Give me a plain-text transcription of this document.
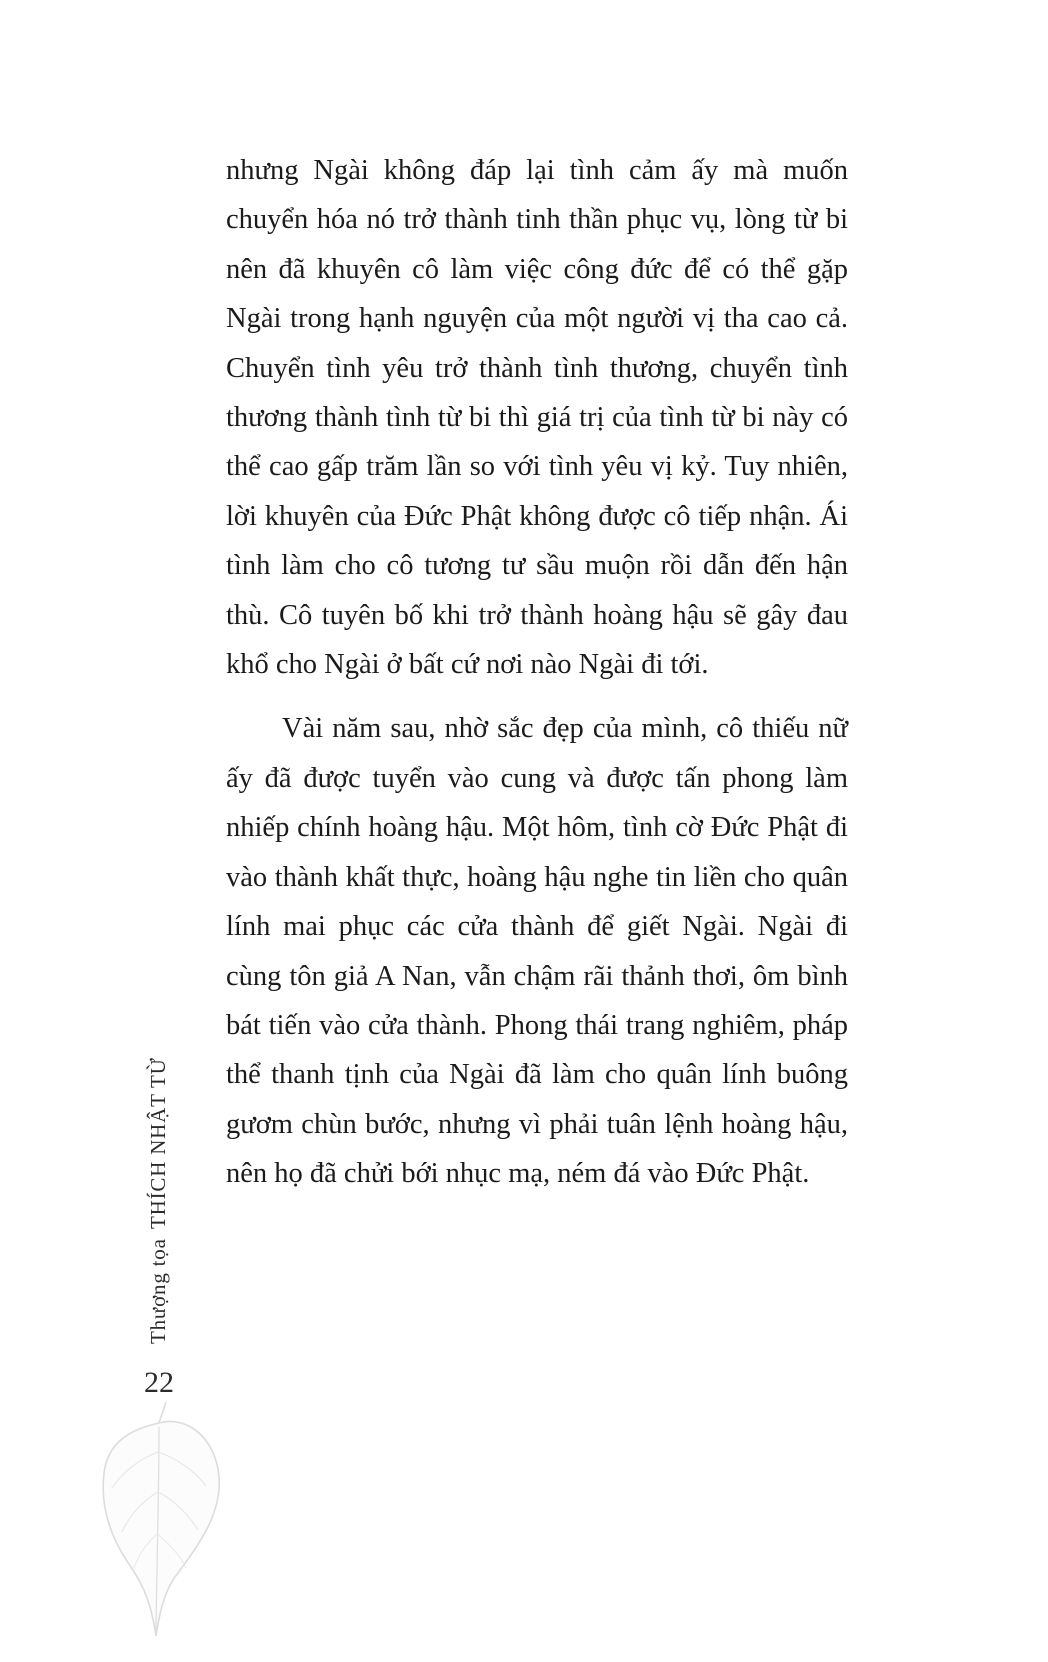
nhưng Ngài không đáp lại tình cảm ấy mà muốn chuyển hóa nó trở thành tinh thần phục vụ, lòng từ bi nên đã khuyên cô làm việc công đức để có thể gặp Ngài trong hạnh nguyện của một người vị tha cao cả. Chuyển tình yêu trở thành tình thương, chuyển tình thương thành tình từ bi thì giá trị của tình từ bi này có thể cao gấp trăm lần so với tình yêu vị kỷ. Tuy nhiên, lời khuyên của Đức Phật không được cô tiếp nhận. Ái tình làm cho cô tương tư sầu muộn rồi dẫn đến hận thù. Cô tuyên bố khi trở thành hoàng hậu sẽ gây đau khổ cho Ngài ở bất cứ nơi nào Ngài đi tới.

Vài năm sau, nhờ sắc đẹp của mình, cô thiếu nữ ấy đã được tuyển vào cung và được tấn phong làm nhiếp chính hoàng hậu. Một hôm, tình cờ Đức Phật đi vào thành khất thực, hoàng hậu nghe tin liền cho quân lính mai phục các cửa thành để giết Ngài. Ngài đi cùng tôn giả A Nan, vẫn chậm rãi thảnh thơi, ôm bình bát tiến vào cửa thành. Phong thái trang nghiêm, pháp thể thanh tịnh của Ngài đã làm cho quân lính buông gươm chùn bước, nhưng vì phải tuân lệnh hoàng hậu, nên họ đã chửi bới nhục mạ, ném đá vào Đức Phật.

Thượng tọaTHÍCH NHẬT TỪ
22
